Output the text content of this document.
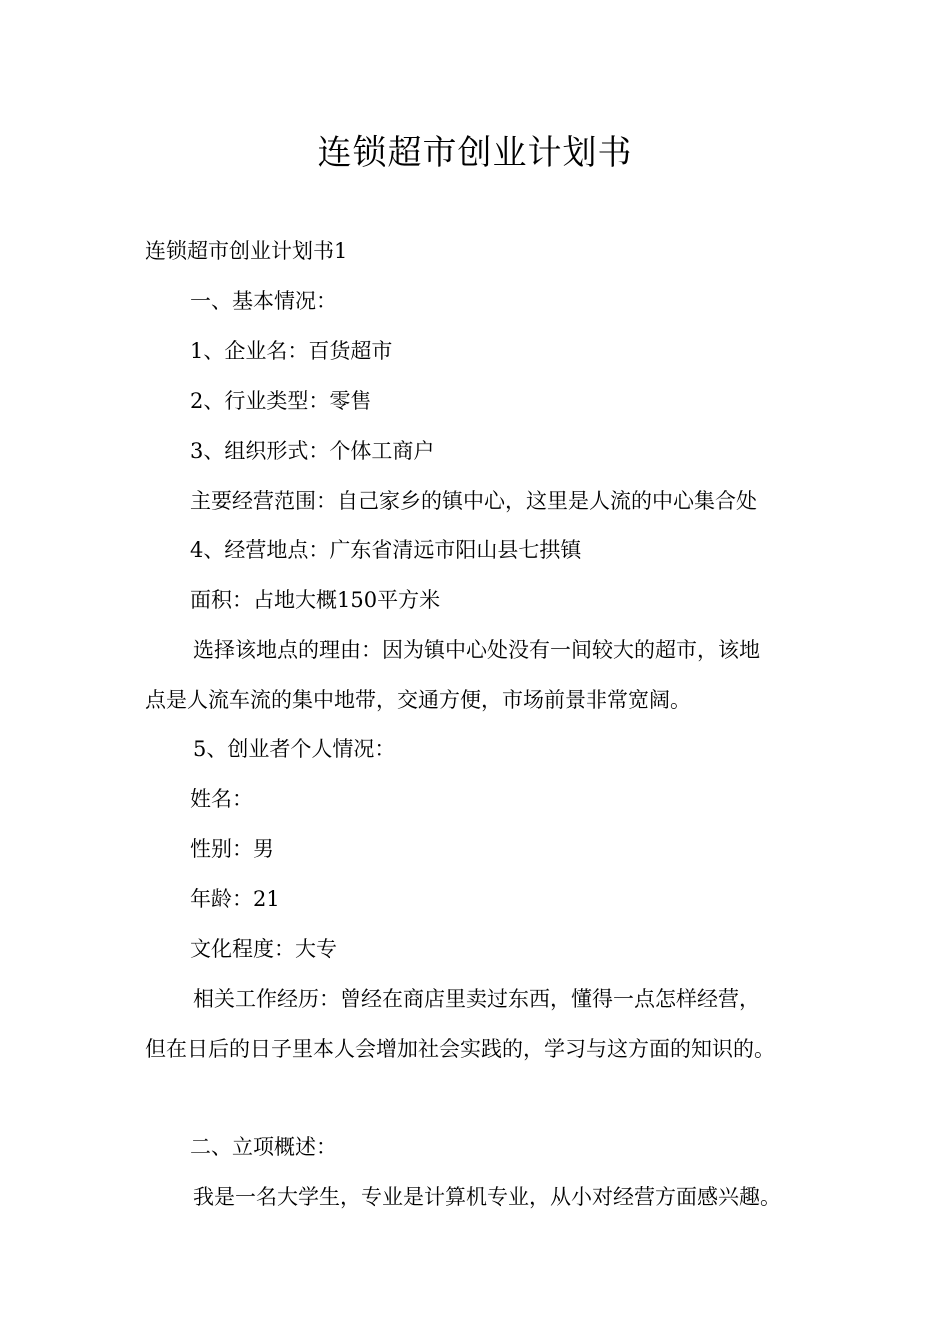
连锁超市创业计划书
连锁超市创业计划书1
一、基本情况：
1、企业名：百货超市
2、行业类型：零售
3、组织形式：个体工商户
主要经营范围：自己家乡的镇中心，这里是人流的中心集合处
4、经营地点：广东省清远市阳山县七拱镇
面积：占地大概150平方米
选择该地点的理由：因为镇中心处没有一间较大的超市，该地
点是人流车流的集中地带，交通方便，市场前景非常宽阔。
5、创业者个人情况：
姓名：
性别：男
年龄：21
文化程度：大专
相关工作经历：曾经在商店里卖过东西，懂得一点怎样经营，
但在日后的日子里本人会增加社会实践的，学习与这方面的知识的。
二、立项概述：
我是一名大学生，专业是计算机专业，从小对经营方面感兴趣。
